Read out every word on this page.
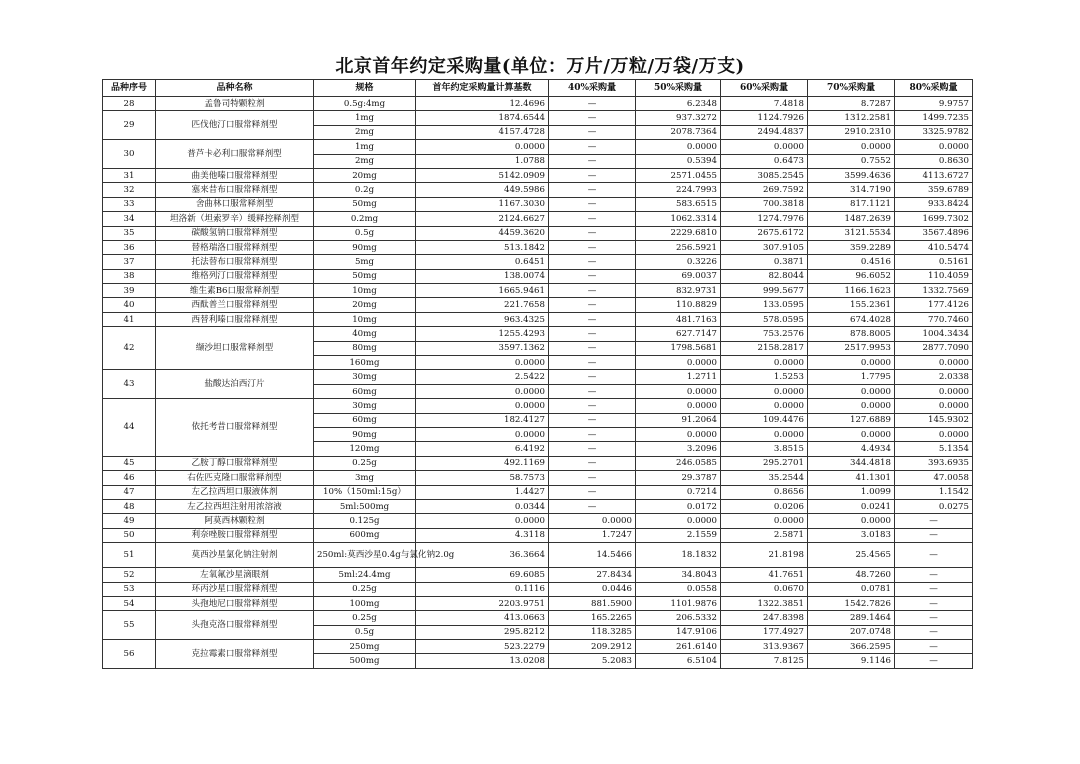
北京首年约定采购量(单位：万片/万粒/万袋/万支)
品种序号	品种名称	规格	首年约定采购量计算基数	40%采购量	50%采购量	60%采购量	70%采购量	80%采购量
28	孟鲁司特颗粒剂	0.5g:4mg	12.4696	—	6.2348	7.4818	8.7287	9.9757
29	匹伐他汀口服常释剂型	1mg	1874.6544	—	937.3272	1124.7926	1312.2581	1499.7235
		2mg	4157.4728	—	2078.7364	2494.4837	2910.2310	3325.9782
30	普芦卡必利口服常释剂型	1mg	0.0000	—	0.0000	0.0000	0.0000	0.0000
		2mg	1.0788	—	0.5394	0.6473	0.7552	0.8630
31	曲美他嗪口服常释剂型	20mg	5142.0909	—	2571.0455	3085.2545	3599.4636	4113.6727
32	塞来昔布口服常释剂型	0.2g	449.5986	—	224.7993	269.7592	314.7190	359.6789
33	舍曲林口服常释剂型	50mg	1167.3030	—	583.6515	700.3818	817.1121	933.8424
34	坦洛新（坦索罗辛）缓释控释剂型	0.2mg	2124.6627	—	1062.3314	1274.7976	1487.2639	1699.7302
35	碳酸氢钠口服常释剂型	0.5g	4459.3620	—	2229.6810	2675.6172	3121.5534	3567.4896
36	替格瑞洛口服常释剂型	90mg	513.1842	—	256.5921	307.9105	359.2289	410.5474
37	托法替布口服常释剂型	5mg	0.6451	—	0.3226	0.3871	0.4516	0.5161
38	维格列汀口服常释剂型	50mg	138.0074	—	69.0037	82.8044	96.6052	110.4059
39	维生素B6口服常释剂型	10mg	1665.9461	—	832.9731	999.5677	1166.1623	1332.7569
40	西酞普兰口服常释剂型	20mg	221.7658	—	110.8829	133.0595	155.2361	177.4126
41	西替利嗪口服常释剂型	10mg	963.4325	—	481.7163	578.0595	674.4028	770.7460
42	缬沙坦口服常释剂型	40mg	1255.4293	—	627.7147	753.2576	878.8005	1004.3434
		80mg	3597.1362	—	1798.5681	2158.2817	2517.9953	2877.7090
		160mg	0.0000	—	0.0000	0.0000	0.0000	0.0000
43	盐酸达泊西汀片	30mg	2.5422	—	1.2711	1.5253	1.7795	2.0338
		60mg	0.0000	—	0.0000	0.0000	0.0000	0.0000
44	依托考昔口服常释剂型	30mg	0.0000	—	0.0000	0.0000	0.0000	0.0000
		60mg	182.4127	—	91.2064	109.4476	127.6889	145.9302
		90mg	0.0000	—	0.0000	0.0000	0.0000	0.0000
		120mg	6.4192	—	3.2096	3.8515	4.4934	5.1354
45	乙胺丁醇口服常释剂型	0.25g	492.1169	—	246.0585	295.2701	344.4818	393.6935
46	右佐匹克隆口服常释剂型	3mg	58.7573	—	29.3787	35.2544	41.1301	47.0058
47	左乙拉西坦口服液体剂	10%（150ml:15g）	1.4427	—	0.7214	0.8656	1.0099	1.1542
48	左乙拉西坦注射用浓溶液	5ml:500mg	0.0344	—	0.0172	0.0206	0.0241	0.0275
49	阿莫西林颗粒剂	0.125g	0.0000	0.0000	0.0000	0.0000	0.0000	—
50	利奈唑胺口服常释剂型	600mg	4.3118	1.7247	2.1559	2.5871	3.0183	—
51	莫西沙星氯化钠注射剂	250ml:莫西沙星0.4g与氯化钠2.0g	36.3664	14.5466	18.1832	21.8198	25.4565	—
52	左氧氟沙星滴眼剂	5ml:24.4mg	69.6085	27.8434	34.8043	41.7651	48.7260	—
53	环丙沙星口服常释剂型	0.25g	0.1116	0.0446	0.0558	0.0670	0.0781	—
54	头孢地尼口服常释剂型	100mg	2203.9751	881.5900	1101.9876	1322.3851	1542.7826	—
55	头孢克洛口服常释剂型	0.25g	413.0663	165.2265	206.5332	247.8398	289.1464	—
		0.5g	295.8212	118.3285	147.9106	177.4927	207.0748	—
56	克拉霉素口服常释剂型	250mg	523.2279	209.2912	261.6140	313.9367	366.2595	—
		500mg	13.0208	5.2083	6.5104	7.8125	9.1146	—
